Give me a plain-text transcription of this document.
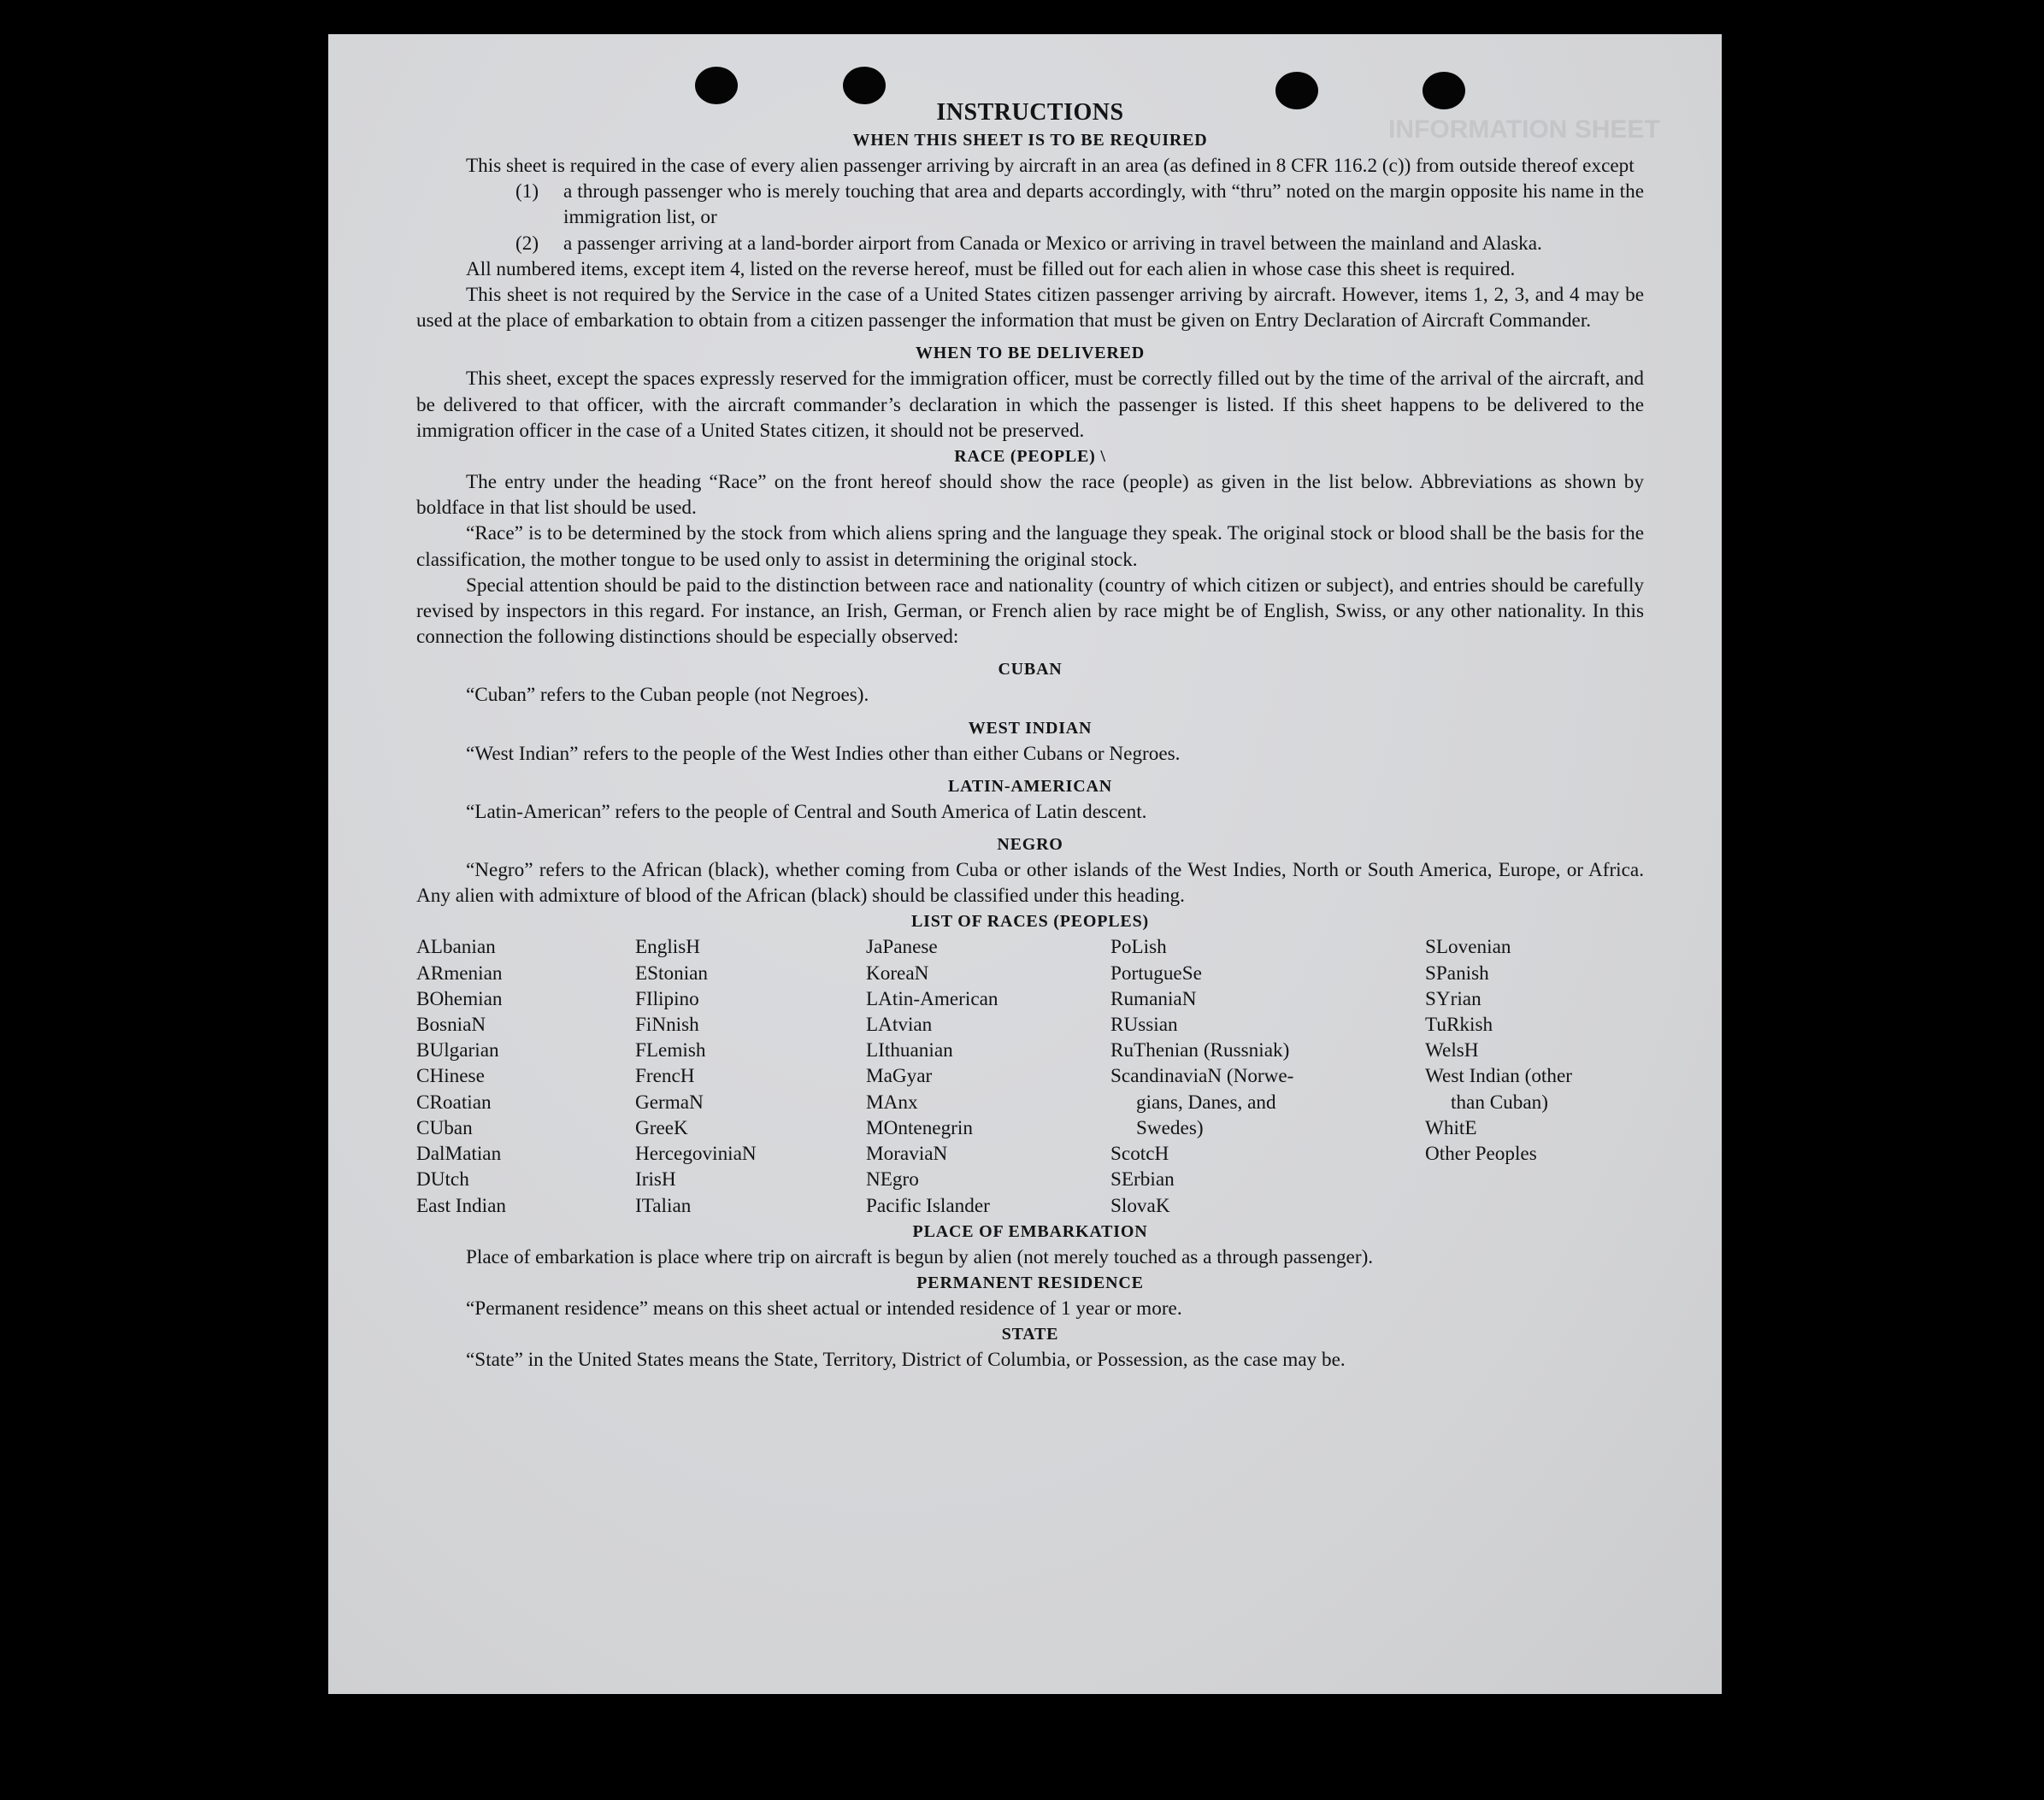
INFORMATION SHEET
INSTRUCTIONS
WHEN THIS SHEET IS TO BE REQUIRED

This sheet is required in the case of every alien passenger arriving by aircraft in an area (as defined in 8 CFR 116.2 (c)) from outside thereof except

(1) a through passenger who is merely touching that area and departs accordingly, with “thru” noted on the margin opposite his name in the immigration list, or

(2) a passenger arriving at a land-border airport from Canada or Mexico or arriving in travel between the mainland and Alaska.

All numbered items, except item 4, listed on the reverse hereof, must be filled out for each alien in whose case this sheet is required.

This sheet is not required by the Service in the case of a United States citizen passenger arriving by aircraft. However, items 1, 2, 3, and 4 may be used at the place of embarkation to obtain from a citizen passenger the information that must be given on Entry Declaration of Aircraft Commander.

WHEN TO BE DELIVERED

This sheet, except the spaces expressly reserved for the immigration officer, must be correctly filled out by the time of the arrival of the aircraft, and be delivered to that officer, with the aircraft commander’s declaration in which the passenger is listed. If this sheet happens to be delivered to the immigration officer in the case of a United States citizen, it should not be preserved.

RACE (PEOPLE) \

The entry under the heading “Race” on the front hereof should show the race (people) as given in the list below. Abbreviations as shown by boldface in that list should be used.

“Race” is to be determined by the stock from which aliens spring and the language they speak. The original stock or blood shall be the basis for the classification, the mother tongue to be used only to assist in determining the original stock.

Special attention should be paid to the distinction between race and nationality (country of which citizen or subject), and entries should be carefully revised by inspectors in this regard. For instance, an Irish, German, or French alien by race might be of English, Swiss, or any other nationality. In this connection the following distinctions should be especially observed:

CUBAN

“Cuban” refers to the Cuban people (not Negroes).

WEST INDIAN

“West Indian” refers to the people of the West Indies other than either Cubans or Negroes.

LATIN-AMERICAN

“Latin-American” refers to the people of Central and South America of Latin descent.

NEGRO

“Negro” refers to the African (black), whether coming from Cuba or other islands of the West Indies, North or South America, Europe, or Africa. Any alien with admixture of blood of the African (black) should be classified under this heading.

LIST OF RACES (PEOPLES)
ALbanian
ARmenian
BOhemian
BosniaN
BUlgarian
CHinese
CRoatian
CUban
DalMatian
DUtch
East Indian
EnglisH
EStonian
FIlipino
FiNnish
FLemish
FrencH
GermaN
GreeK
HercegoviniaN
IrisH
ITalian
JaPanese
KoreaN
LAtin-American
LAtvian
LIthuanian
MaGyar
MAnx
MOntenegrin
MoraviaN
NEgro
Pacific Islander
PoLish
PortugueSe
RumaniaN
RUssian
RuThenian (Russniak)
ScandinaviaN (Norwe-
gians, Danes, and
Swedes)
ScotcH
SErbian
SlovaK
SLovenian
SPanish
SYrian
TuRkish
WelsH
West Indian (other
than Cuban)
WhitE
Other Peoples
PLACE OF EMBARKATION

Place of embarkation is place where trip on aircraft is begun by alien (not merely touched as a through passenger).

PERMANENT RESIDENCE

“Permanent residence” means on this sheet actual or intended residence of 1 year or more.

STATE

“State” in the United States means the State, Territory, District of Columbia, or Possession, as the case may be.
